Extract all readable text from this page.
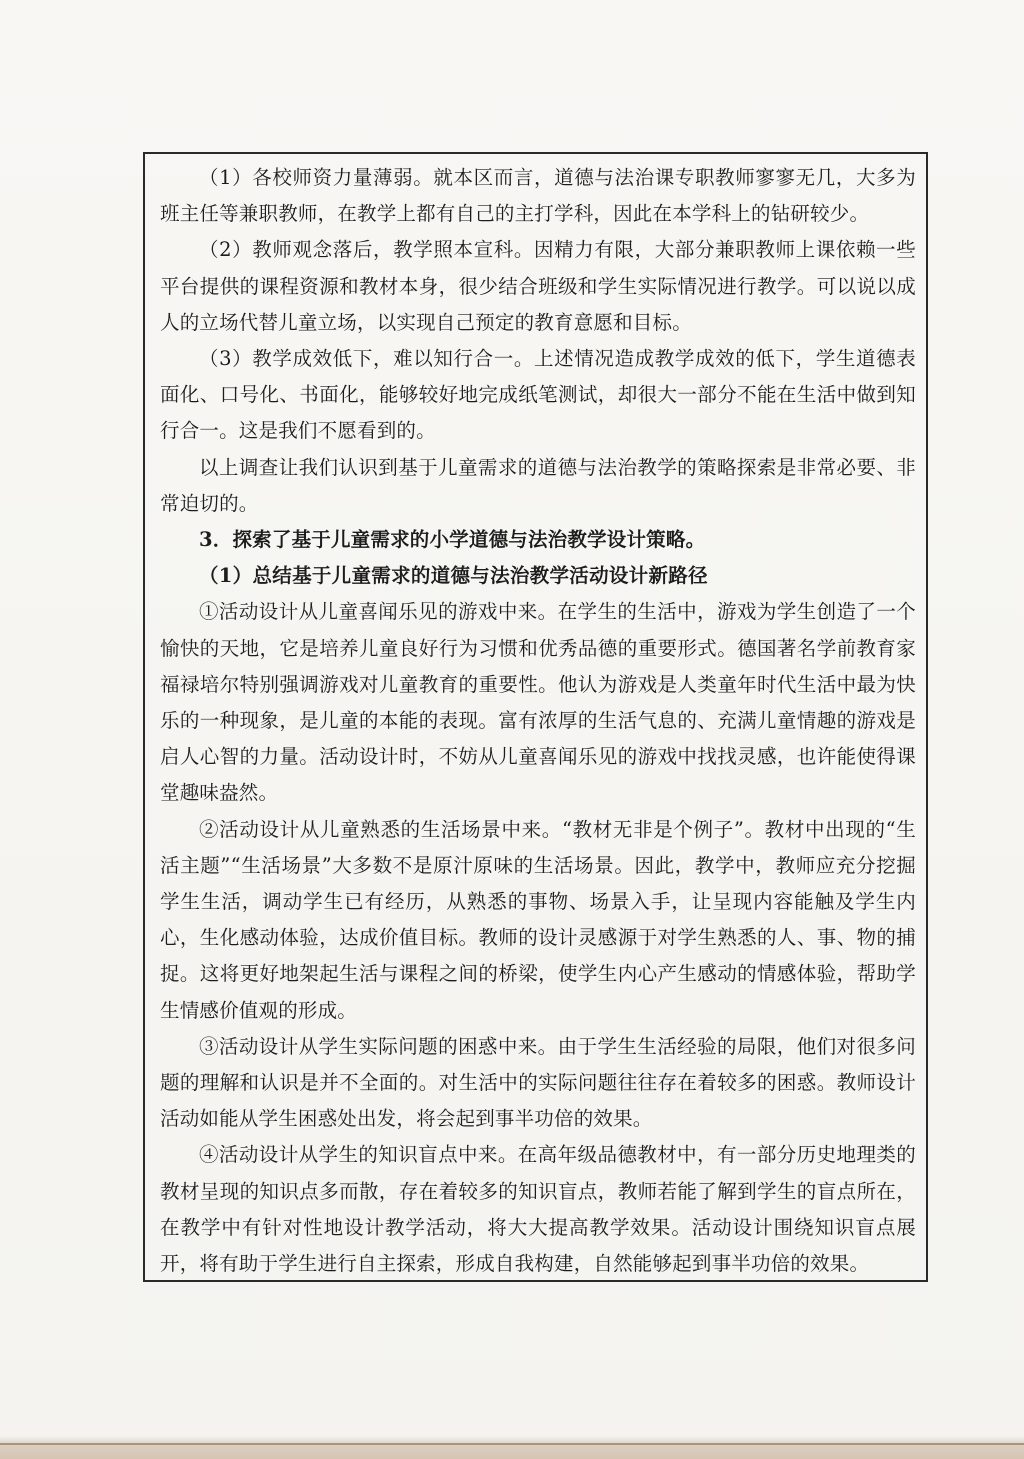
（1）各校师资力量薄弱。就本区而言，道德与法治课专职教师寥寥无几，大多为班主任等兼职教师，在教学上都有自己的主打学科，因此在本学科上的钻研较少。

（2）教师观念落后，教学照本宣科。因精力有限，大部分兼职教师上课依赖一些平台提供的课程资源和教材本身，很少结合班级和学生实际情况进行教学。可以说以成人的立场代替儿童立场，以实现自己预定的教育意愿和目标。

（3）教学成效低下，难以知行合一。上述情况造成教学成效的低下，学生道德表面化、口号化、书面化，能够较好地完成纸笔测试，却很大一部分不能在生活中做到知行合一。这是我们不愿看到的。

以上调查让我们认识到基于儿童需求的道德与法治教学的策略探索是非常必要、非常迫切的。

3．探索了基于儿童需求的小学道德与法治教学设计策略。

（1）总结基于儿童需求的道德与法治教学活动设计新路径

①活动设计从儿童喜闻乐见的游戏中来。在学生的生活中，游戏为学生创造了一个愉快的天地，它是培养儿童良好行为习惯和优秀品德的重要形式。德国著名学前教育家福禄培尔特别强调游戏对儿童教育的重要性。他认为游戏是人类童年时代生活中最为快乐的一种现象，是儿童的本能的表现。富有浓厚的生活气息的、充满儿童情趣的游戏是启人心智的力量。活动设计时，不妨从儿童喜闻乐见的游戏中找找灵感，也许能使得课堂趣味盎然。

②活动设计从儿童熟悉的生活场景中来。“教材无非是个例子”。教材中出现的“生活主题”“生活场景”大多数不是原汁原味的生活场景。因此，教学中，教师应充分挖掘学生生活，调动学生已有经历，从熟悉的事物、场景入手，让呈现内容能触及学生内心，生化感动体验，达成价值目标。教师的设计灵感源于对学生熟悉的人、事、物的捕捉。这将更好地架起生活与课程之间的桥梁，使学生内心产生感动的情感体验，帮助学生情感价值观的形成。

③活动设计从学生实际问题的困惑中来。由于学生生活经验的局限，他们对很多问题的理解和认识是并不全面的。对生活中的实际问题往往存在着较多的困惑。教师设计活动如能从学生困惑处出发，将会起到事半功倍的效果。

④活动设计从学生的知识盲点中来。在高年级品德教材中，有一部分历史地理类的教材呈现的知识点多而散，存在着较多的知识盲点，教师若能了解到学生的盲点所在，在教学中有针对性地设计教学活动，将大大提高教学效果。活动设计围绕知识盲点展开，将有助于学生进行自主探索，形成自我构建，自然能够起到事半功倍的效果。
